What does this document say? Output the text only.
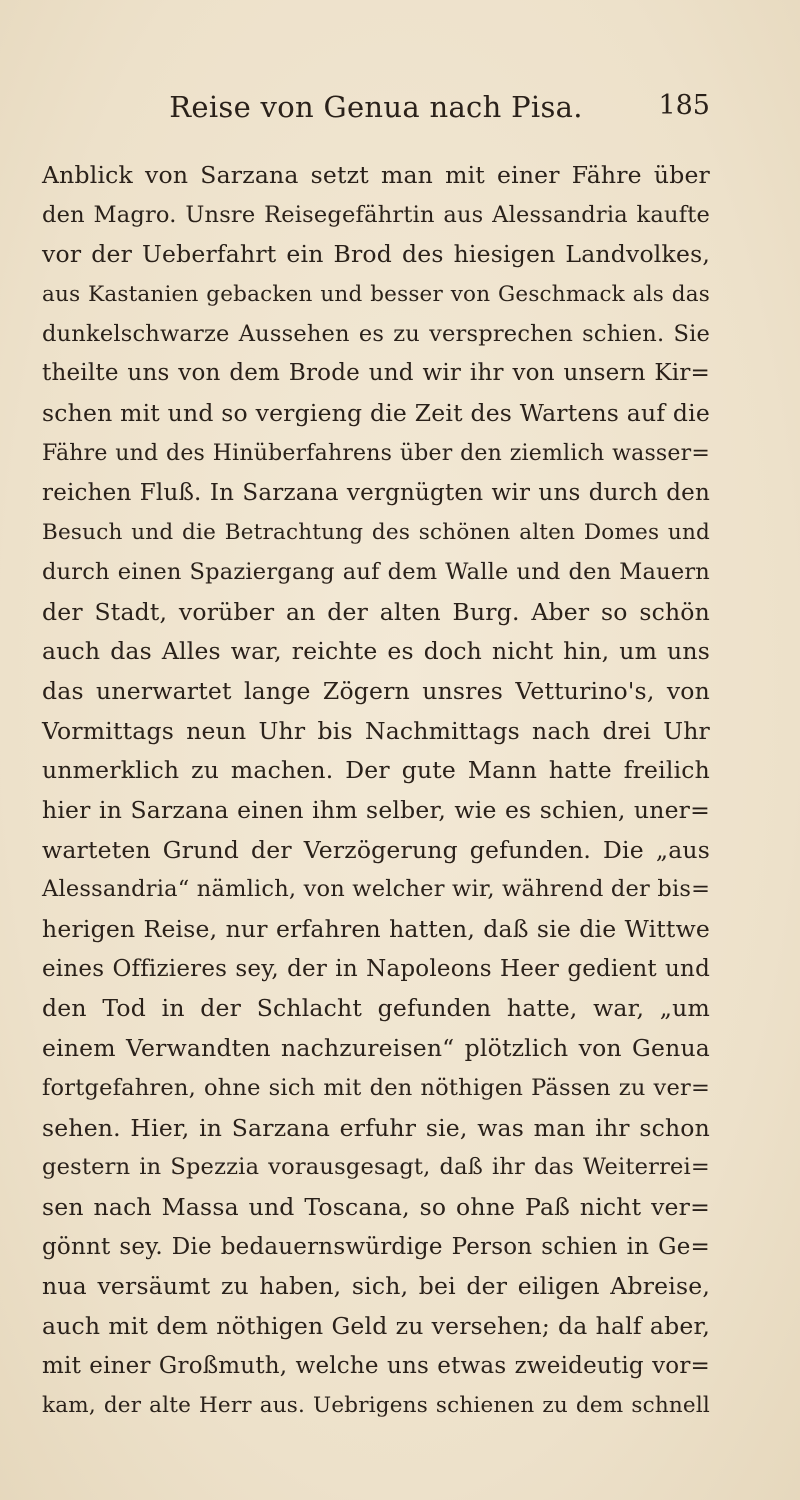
Reise von Genua nach Pisa.	185
Anblick von Sarzana setzt man mit einer Fähre über
den Magro. Unsre Reisegefährtin aus Alessandria kaufte
vor der Ueberfahrt ein Brod des hiesigen Landvolkes,
aus Kastanien gebacken und besser von Geschmack als das
dunkelschwarze Aussehen es zu versprechen schien. Sie
theilte uns von dem Brode und wir ihr von unsern Kir=
schen mit und so vergieng die Zeit des Wartens auf die
Fähre und des Hinüberfahrens über den ziemlich wasser=
reichen Fluß. In Sarzana vergnügten wir uns durch den
Besuch und die Betrachtung des schönen alten Domes und
durch einen Spaziergang auf dem Walle und den Mauern
der Stadt, vorüber an der alten Burg. Aber so schön
auch das Alles war, reichte es doch nicht hin, um uns
das unerwartet lange Zögern unsres Vetturino's, von
Vormittags neun Uhr bis Nachmittags nach drei Uhr
unmerklich zu machen. Der gute Mann hatte freilich
hier in Sarzana einen ihm selber, wie es schien, uner=
warteten Grund der Verzögerung gefunden. Die „aus
Alessandria“ nämlich, von welcher wir, während der bis=
herigen Reise, nur erfahren hatten, daß sie die Wittwe
eines Offizieres sey, der in Napoleons Heer gedient und
den Tod in der Schlacht gefunden hatte, war, „um
einem Verwandten nachzureisen“ plötzlich von Genua
fortgefahren, ohne sich mit den nöthigen Pässen zu ver=
sehen. Hier, in Sarzana erfuhr sie, was man ihr schon
gestern in Spezzia vorausgesagt, daß ihr das Weiterrei=
sen nach Massa und Toscana, so ohne Paß nicht ver=
gönnt sey. Die bedauernswürdige Person schien in Ge=
nua versäumt zu haben, sich, bei der eiligen Abreise,
auch mit dem nöthigen Geld zu versehen; da half aber,
mit einer Großmuth, welche uns etwas zweideutig vor=
kam, der alte Herr aus. Uebrigens schienen zu dem schnell
